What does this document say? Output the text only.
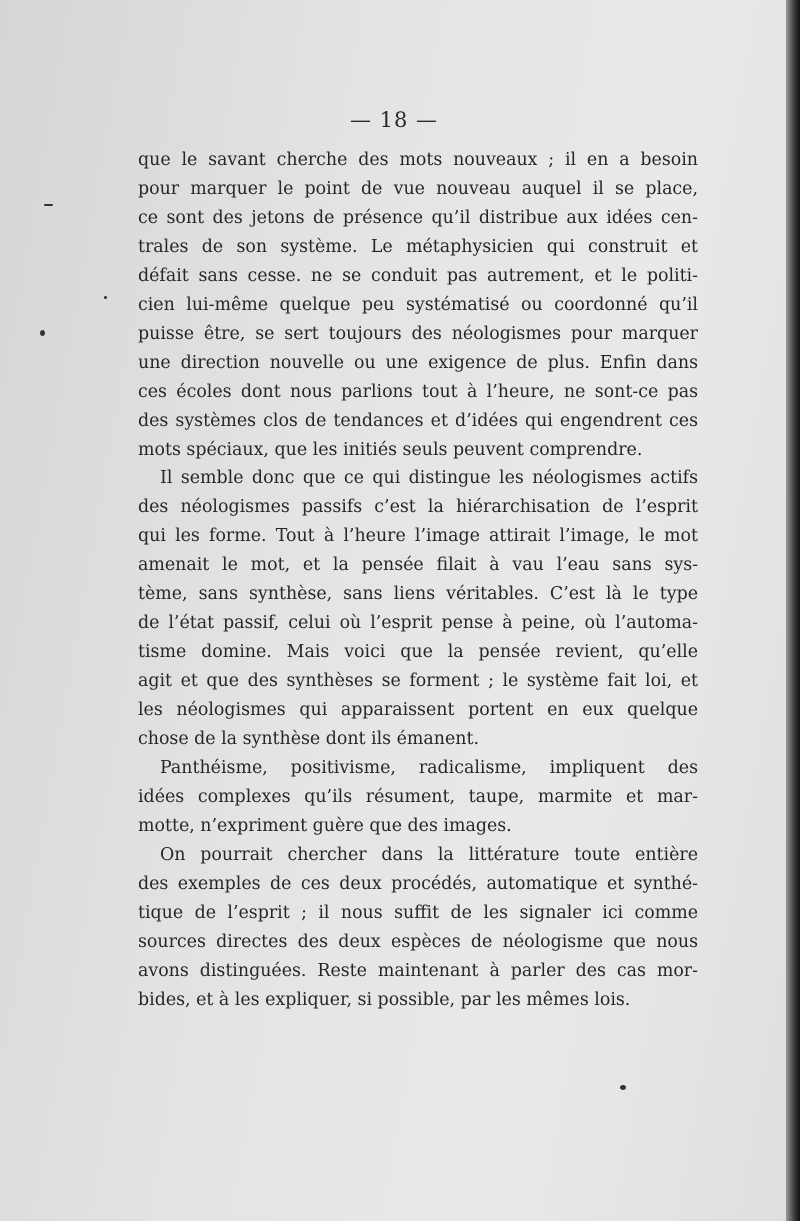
— 18 —
que le savant cherche des mots nouveaux ; il en a besoin
pour marquer le point de vue nouveau auquel il se place,
ce sont des jetons de présence qu’il distribue aux idées cen-
trales de son système. Le métaphysicien qui construit et
défait sans cesse. ne se conduit pas autrement, et le politi-
cien lui-même quelque peu systématisé ou coordonné qu’il
puisse être, se sert toujours des néologismes pour marquer
une direction nouvelle ou une exigence de plus. Enfin dans
ces écoles dont nous parlions tout à l’heure, ne sont-ce pas
des systèmes clos de tendances et d’idées qui engendrent ces
mots spéciaux, que les initiés seuls peuvent comprendre.
Il semble donc que ce qui distingue les néologismes actifs
des néologismes passifs c’est la hiérarchisation de l’esprit
qui les forme. Tout à l’heure l’image attirait l’image, le mot
amenait le mot, et la pensée filait à vau l’eau sans sys-
tème, sans synthèse, sans liens véritables. C’est là le type
de l’état passif, celui où l’esprit pense à peine, où l’automa-
tisme domine. Mais voici que la pensée revient, qu’elle
agit et que des synthèses se forment ; le système fait loi, et
les néologismes qui apparaissent portent en eux quelque
chose de la synthèse dont ils émanent.
Panthéisme, positivisme, radicalisme, impliquent des
idées complexes qu’ils résument, taupe, marmite et mar-
motte, n’expriment guère que des images.
On pourrait chercher dans la littérature toute entière
des exemples de ces deux procédés, automatique et synthé-
tique de l’esprit ; il nous suffit de les signaler ici comme
sources directes des deux espèces de néologisme que nous
avons distinguées. Reste maintenant à parler des cas mor-
bides, et à les expliquer, si possible, par les mêmes lois.
